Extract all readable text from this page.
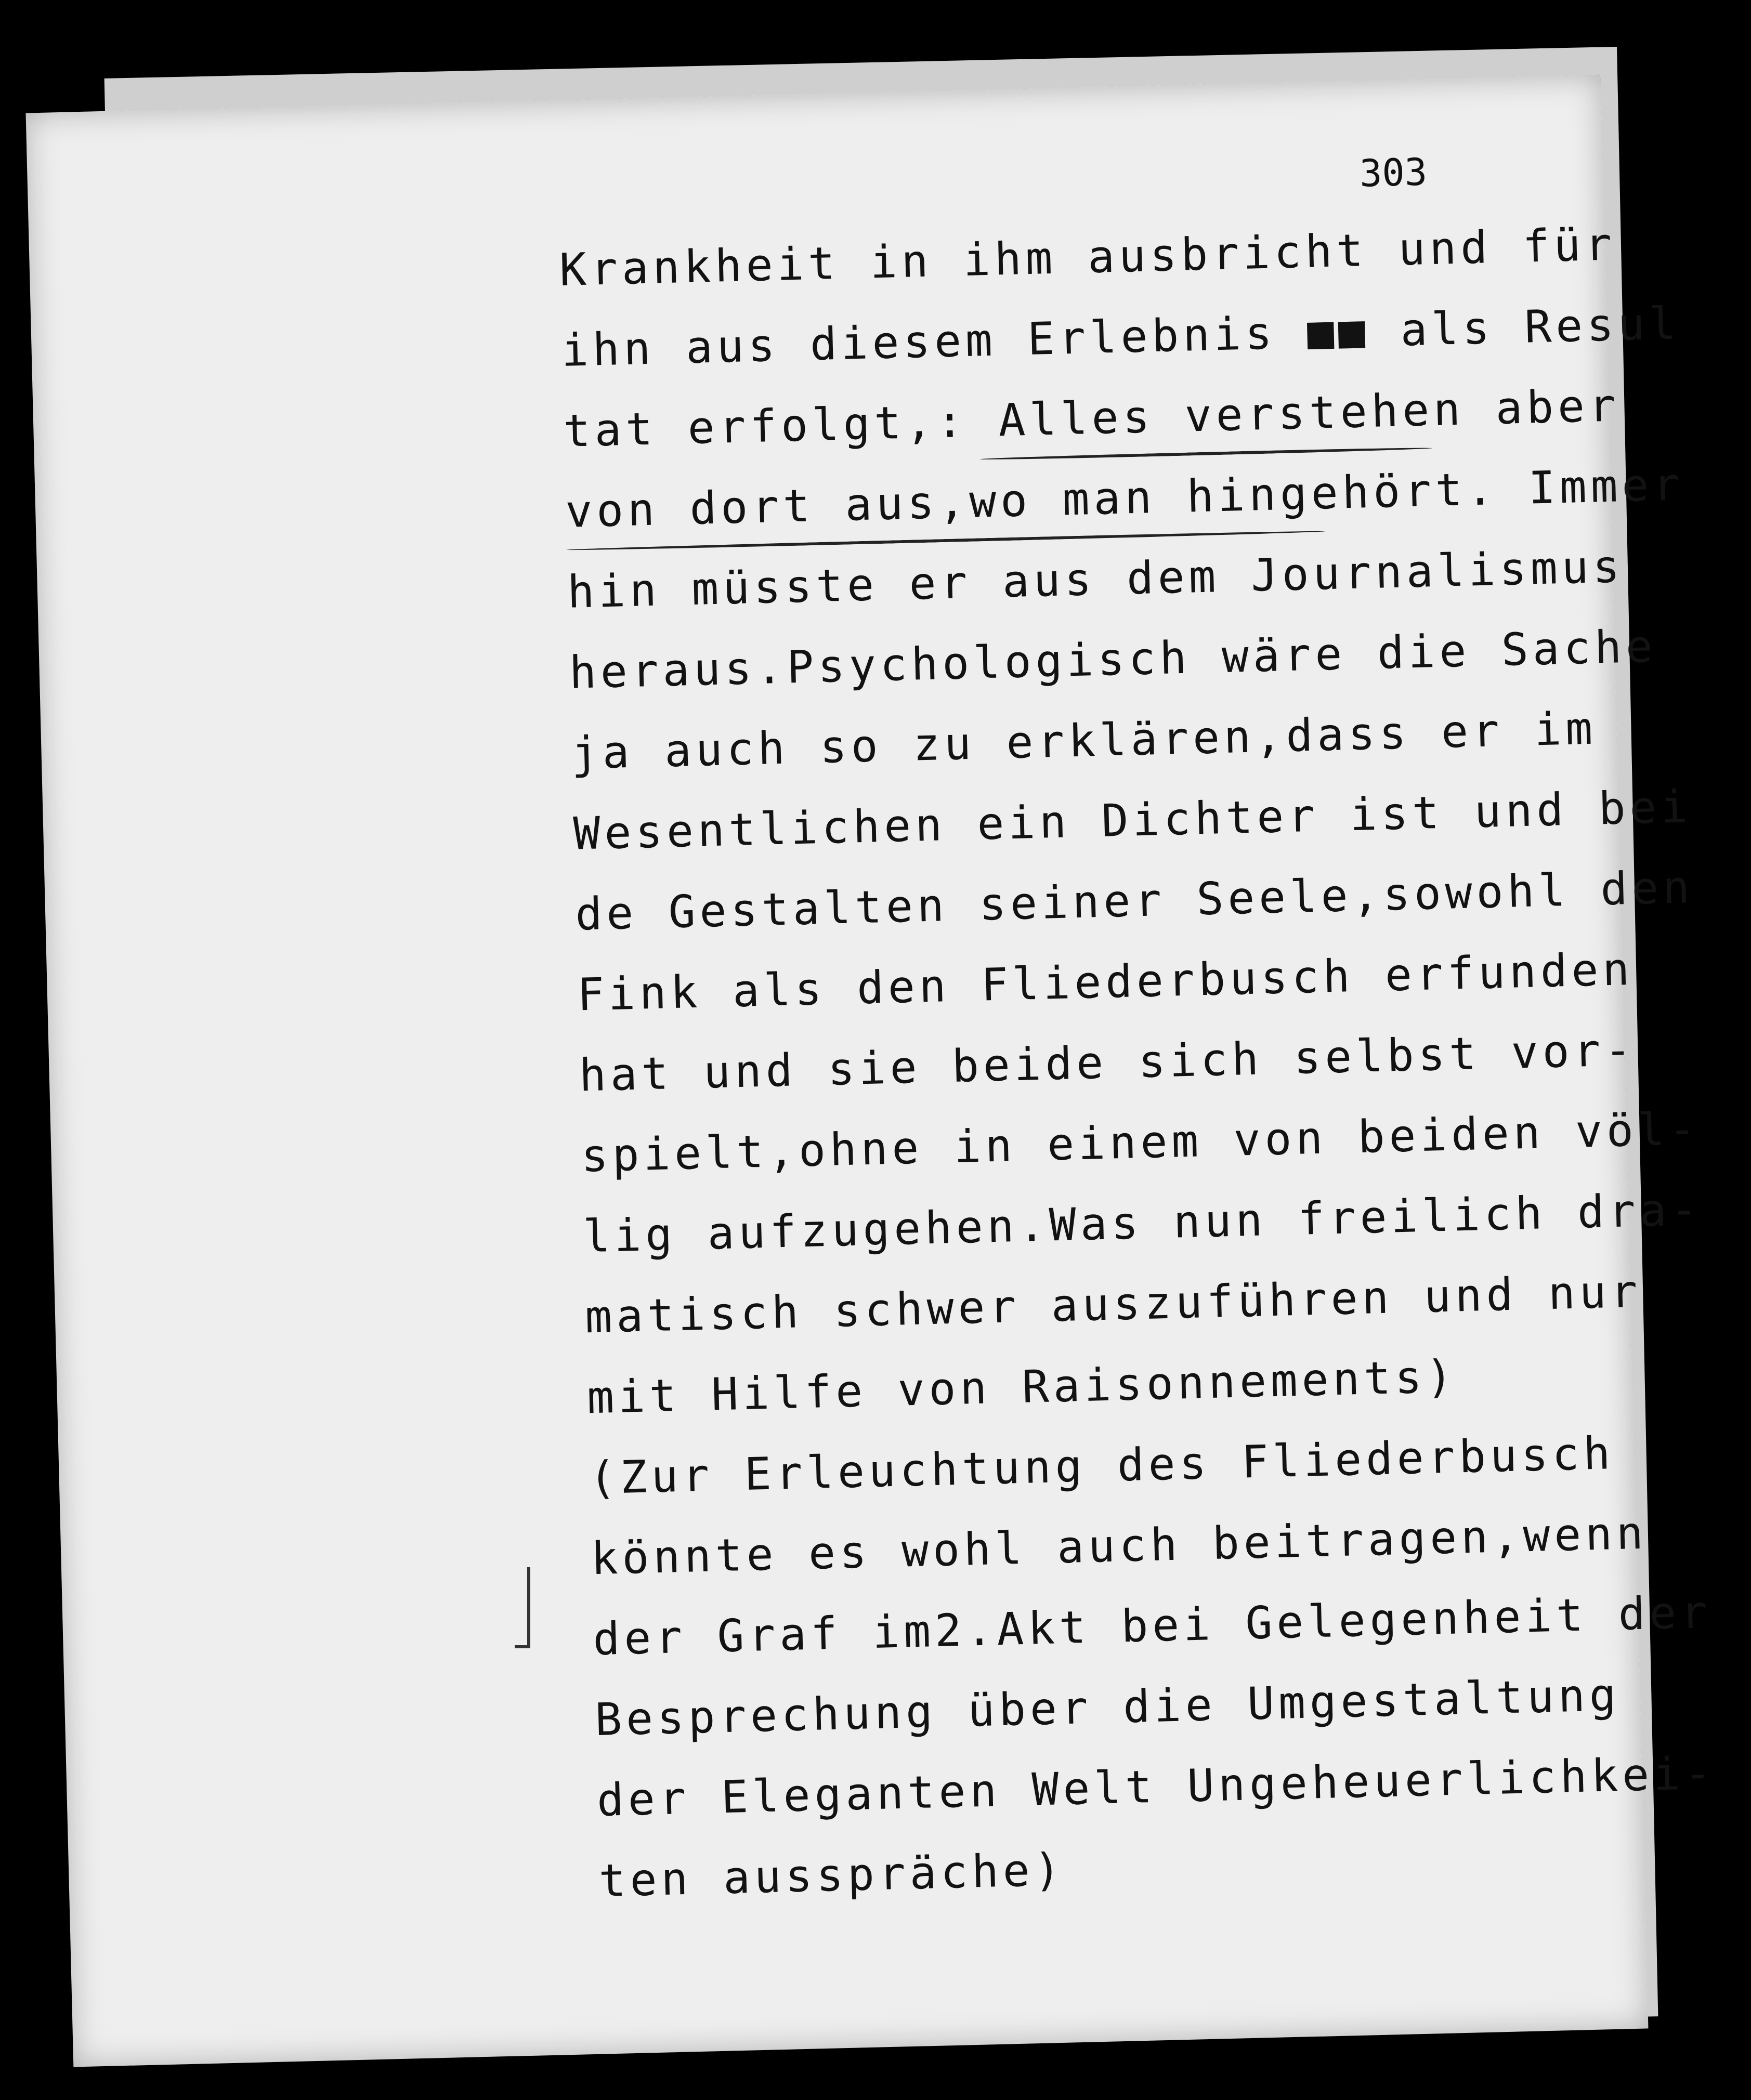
303
Krankheit in ihm ausbricht und für
ihn aus diesem Erlebnis ■■ als Resul
tat erfolgt,: Alles verstehen aber
von dort aus,wo man hingehört. Immer
hin müsste er aus dem Journalismus
heraus.Psychologisch wäre die Sache
ja auch so zu erklären,dass er im
Wesentlichen ein Dichter ist und bei
de Gestalten seiner Seele,sowohl den
Fink als den Fliederbusch erfunden
hat und sie beide sich selbst vor-
spielt,ohne in einem von beiden völ-
lig aufzugehen.Was nun freilich dra-
matisch schwer auszuführen und nur
mit Hilfe von Raisonnements)
(Zur Erleuchtung des Fliederbusch
könnte es wohl auch beitragen,wenn
der Graf im2.Akt bei Gelegenheit der
Besprechung über die Umgestaltung
der Eleganten Welt Ungeheuerlichkei-
ten ausspräche)
